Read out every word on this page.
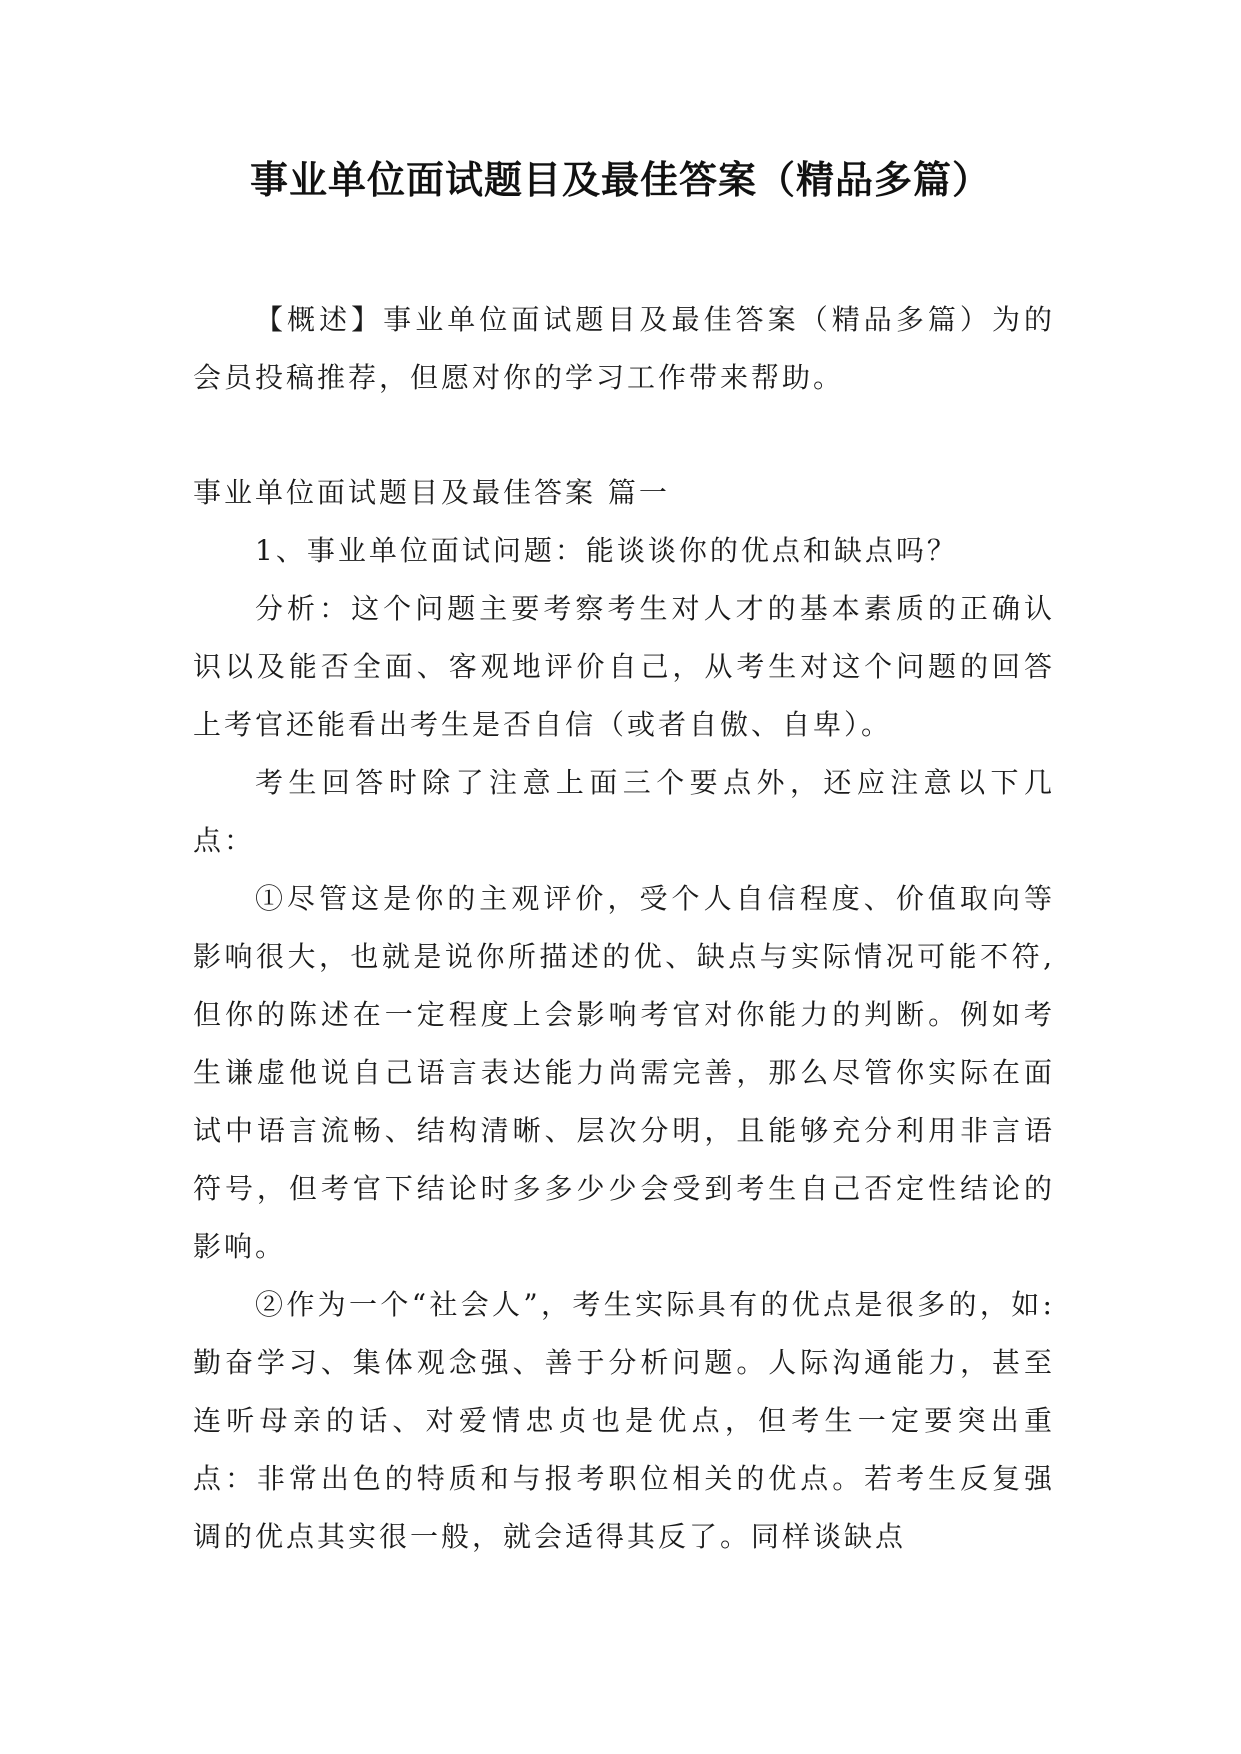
事业单位面试题目及最佳答案（精品多篇）

【概述】事业单位面试题目及最佳答案（精品多篇）为的会员投稿推荐，但愿对你的学习工作带来帮助。

事业单位面试题目及最佳答案 篇一

1、事业单位面试问题：能谈谈你的优点和缺点吗？

分析：这个问题主要考察考生对人才的基本素质的正确认识以及能否全面、客观地评价自己，从考生对这个问题的回答上考官还能看出考生是否自信（或者自傲、自卑）。

考生回答时除了注意上面三个要点外，还应注意以下几点：

①尽管这是你的主观评价，受个人自信程度、价值取向等影响很大，也就是说你所描述的优、缺点与实际情况可能不符,但你的陈述在一定程度上会影响考官对你能力的判断。例如考生谦虚他说自己语言表达能力尚需完善，那么尽管你实际在面试中语言流畅、结构清晰、层次分明，且能够充分利用非言语符号，但考官下结论时多多少少会受到考生自己否定性结论的影响。

②作为一个“社会人”，考生实际具有的优点是很多的，如:勤奋学习、集体观念强、善于分析问题。人际沟通能力，甚至连听母亲的话、对爱情忠贞也是优点，但考生一定要突出重点：非常出色的特质和与报考职位相关的优点。若考生反复强调的优点其实很一般，就会适得其反了。同样谈缺点
